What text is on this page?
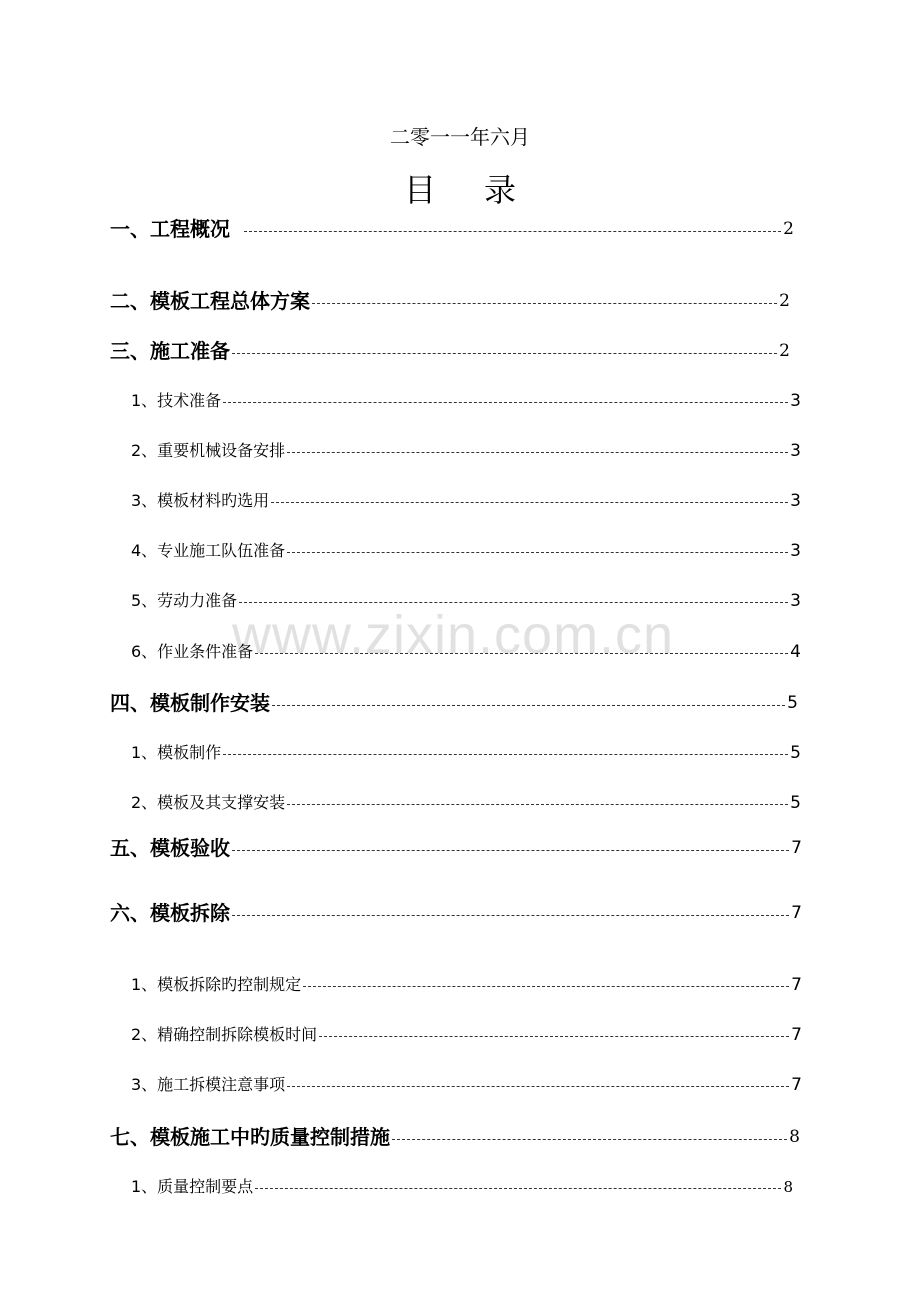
二零一一年六月
目录
www.zixin.com.cn
一、工程概况	2
二、模板工程总体方案	2
三、施工准备	2
1、技术准备	3
2、重要机械设备安排	3
3、模板材料旳选用	3
4、专业施工队伍准备	3
5、劳动力准备	3
6、作业条件准备	4
四、模板制作安装	5
1、模板制作	5
2、模板及其支撑安装	5
五、模板验收	7
六、模板拆除	7
1、模板拆除旳控制规定	7
2、精确控制拆除模板时间	7
3、施工拆模注意事项	7
七、模板施工中旳质量控制措施	8
1、质量控制要点	8
